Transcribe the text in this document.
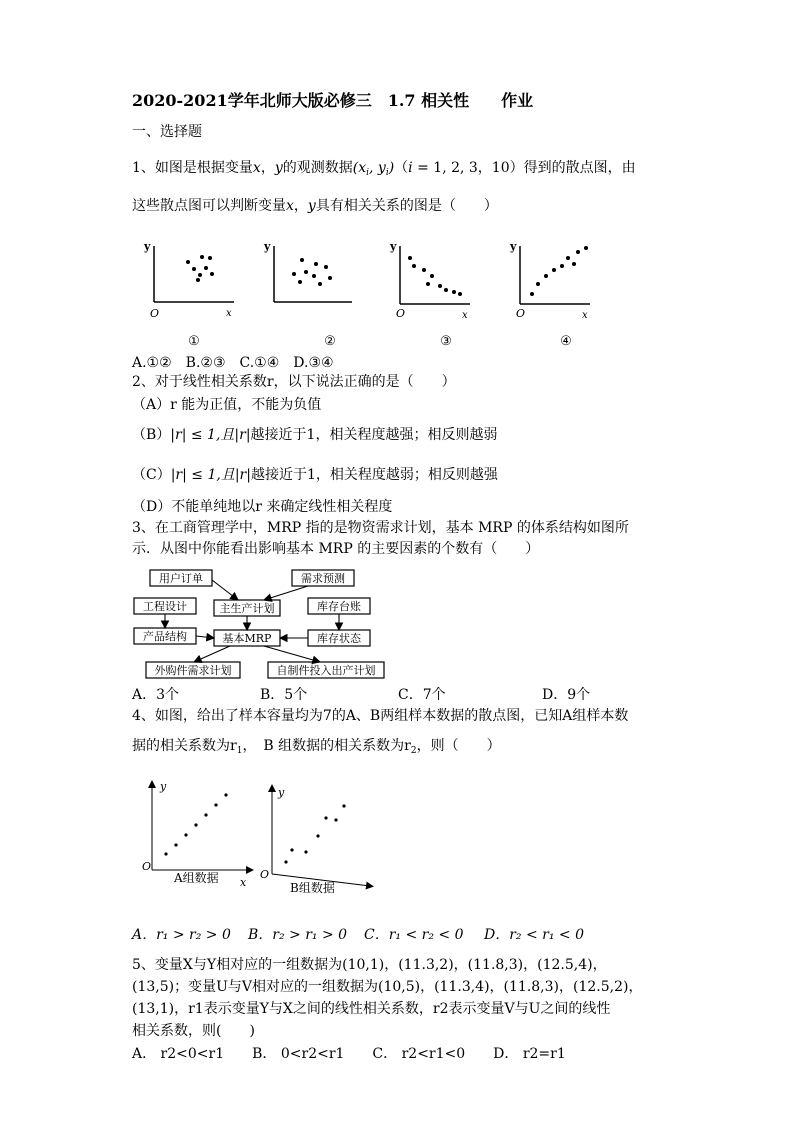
2020-2021学年北师大版必修三　1.7 相关性　　作业
一、选择题
1、如图是根据变量x，y的观测数据($x_i$, $y_i)(i = 1$, 2, 3，10）得到的散点图，由
这些散点图可以判断变量x，y具有相关关系的图是（　　）
y
O	x
y	y
O	x
y
O	x
①	②	③	④
A.①②　B.②③　C.①④　D.③④
2、对于线性相关系数r，以下说法正确的是（　　）
（A）r 能为正值，不能为负值
（B）|r| ≤ 1,且|r|越接近于1，相关程度越强；相反则越弱
（C）|r| ≤ 1,且|r|越接近于1，相关程度越弱；相反则越强
（D）不能单纯地以r 来确定线性相关程度
3、在工商管理学中，MRP 指的是物资需求计划，基本 MRP 的体系结构如图所
示．从图中你能看出影响基本 MRP 的主要因素的个数有（　　）
用户订单	需求预测
工程设计	主生产计划	库存台账
产品结构	基本MRP	库存状态
外购件需求计划	自制件投入出产计划
A．3个	B．5个	C．7个	D．9个
4、如图，给出了样本容量均为7的A、B两组样本数据的散点图，已知A组样本数
据的相关系数为$r_1$，　B 组数据的相关系数为$r_2$，则（　　）
y
O
x
A组数据
y
O
B组数据
A．r₁ > r₂ > 0 B．r₂ > r₁ > 0 C．r₁ < r₂ < 0 D．r₂ < r₁ < 0
5、变量X与Y相对应的一组数据为(10,1)，(11.3,2)，(11.8,3)，(12.5,4)，
(13,5)；变量U与V相对应的一组数据为(10,5)，(11.3,4)，(11.8,3)，(12.5,2)，
(13,1)，r1表示变量Y与X之间的线性相关系数，r2表示变量V与U之间的线性
相关系数，则(　　)
A． r2<0<r1　　B． 0<r2<r1　　C． r2<r1<0　　D． r2=r1
